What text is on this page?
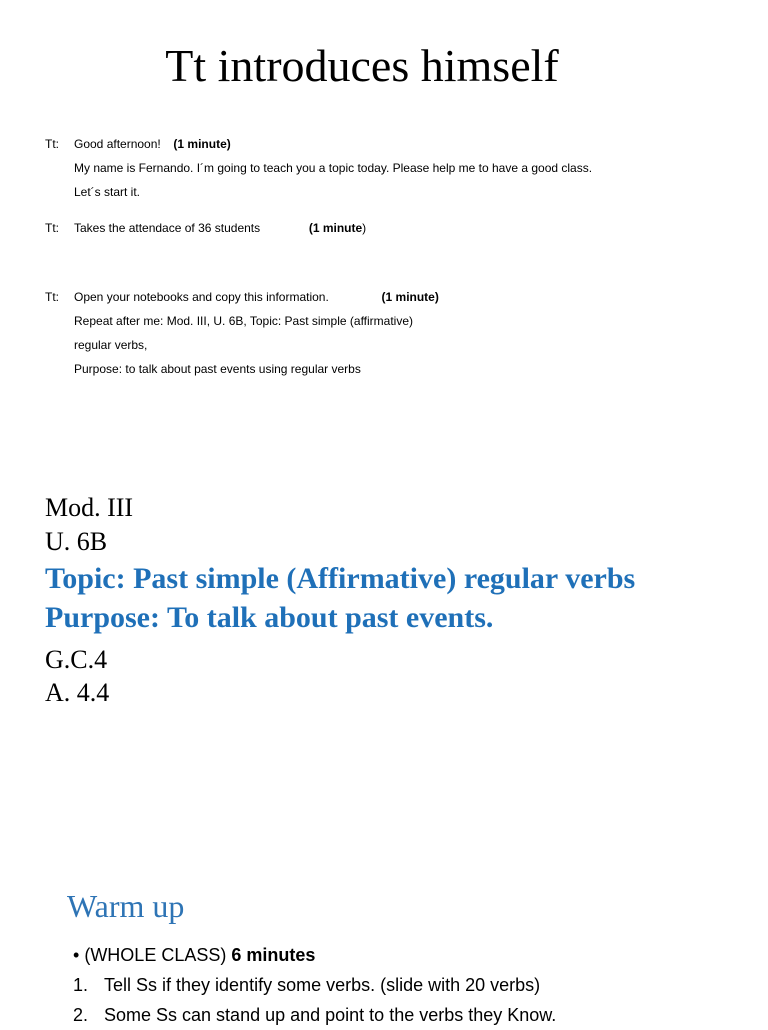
Tt introduces himself
Tt:	Good afternoon! (1 minute)
My name is Fernando. I´m going to teach you a topic today. Please help me to have a good class.
Let´s start it.
Tt:	Takes the attendace of 36 students	(1 minute)
Tt:	Open your notebooks and copy this information.	(1 minute)
Repeat after me: Mod. III, U. 6B, Topic: Past simple (affirmative)
regular verbs,
Purpose: to talk about past events using regular verbs
Mod. III
U. 6B
Topic: Past simple (Affirmative) regular verbs
Purpose: To talk about past events.
G.C.4
A. 4.4
Warm up
• (WHOLE CLASS) 6 minutes
1. Tell Ss if they identify some verbs. (slide with 20 verbs)
2. Some Ss can stand up and point to the verbs they Know.
